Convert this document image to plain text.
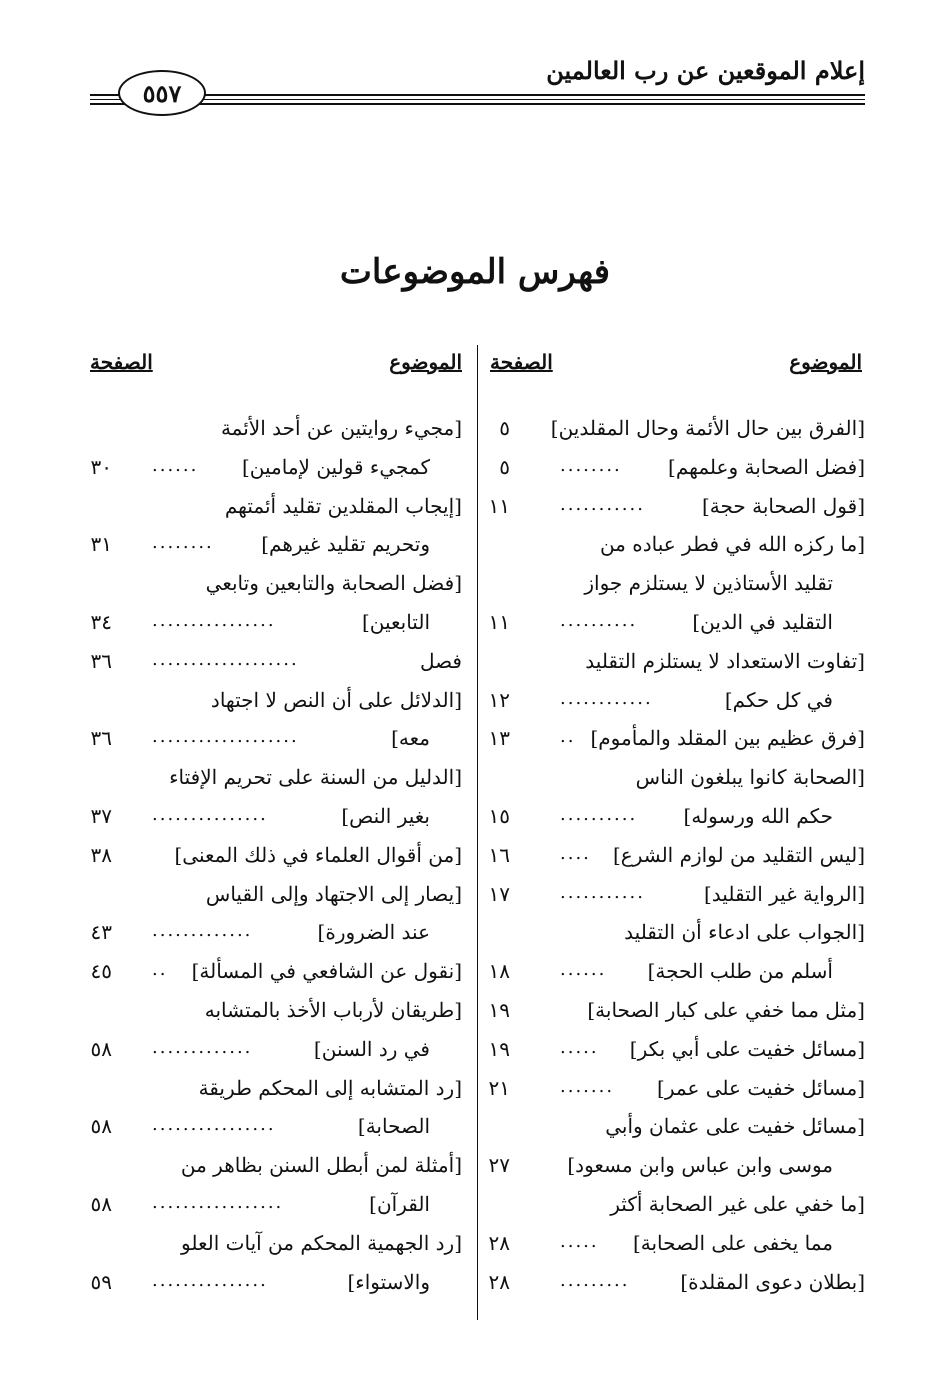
إعلام الموقعين عن رب العالمين
٥٥٧
فهرس الموضوعات
الموضوع
الصفحة
الموضوع
الصفحة
[الفرق بين حال الأئمة وحال المقلدين]
٥
[فضل الصحابة وعلمهم]
........
٥
[قول الصحابة حجة]
...........
١١
[ما ركزه الله في فطر عباده من
تقليد الأستاذين لا يستلزم جواز
التقليد في الدين]
..........
١١
[تفاوت الاستعداد لا يستلزم التقليد
في كل حكم]
............
١٢
[فرق عظيم بين المقلد والمأموم]
..
١٣
[الصحابة كانوا يبلغون الناس
حكم الله ورسوله]
..........
١٥
[ليس التقليد من لوازم الشرع]
....
١٦
[الرواية غير التقليد]
...........
١٧
[الجواب على ادعاء أن التقليد
أسلم من طلب الحجة]
......
١٨
[مثل مما خفي على كبار الصحابة]
١٩
[مسائل خفيت على أبي بكر]
.....
١٩
[مسائل خفيت على عمر]
.......
٢١
[مسائل خفيت على عثمان وأبي
موسى وابن عباس وابن مسعود]
٢٧
[ما خفي على غير الصحابة أكثر
مما يخفى على الصحابة]
.....
٢٨
[بطلان دعوى المقلدة]
.........
٢٨
[مجيء روايتين عن أحد الأئمة
كمجيء قولين لإمامين]
......
٣٠
[إيجاب المقلدين تقليد أئمتهم
وتحريم تقليد غيرهم]
........
٣١
[فضل الصحابة والتابعين وتابعي
التابعين]
................
٣٤
فصل
...................
٣٦
[الدلائل على أن النص لا اجتهاد
معه]
...................
٣٦
[الدليل من السنة على تحريم الإفتاء
بغير النص]
...............
٣٧
[من أقوال العلماء في ذلك المعنى]
٣٨
[يصار إلى الاجتهاد وإلى القياس
عند الضرورة]
.............
٤٣
[نقول عن الشافعي في المسألة]
..
٤٥
[طريقان لأرباب الأخذ بالمتشابه
في رد السنن]
.............
٥٨
[رد المتشابه إلى المحكم طريقة
الصحابة]
................
٥٨
[أمثلة لمن أبطل السنن بظاهر من
القرآن]
.................
٥٨
[رد الجهمية المحكم من آيات العلو
والاستواء]
...............
٥٩
